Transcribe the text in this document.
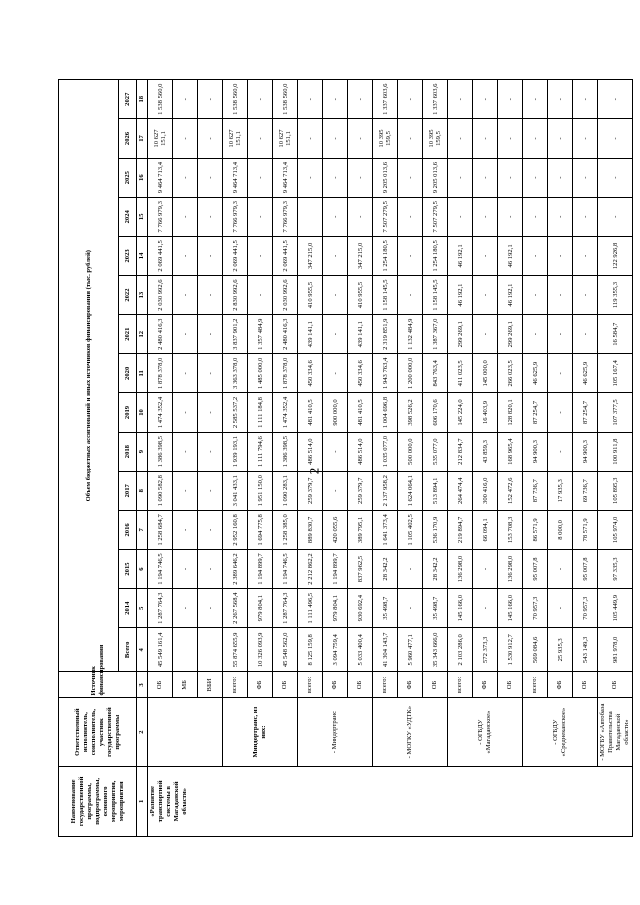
2
Наименование государственной программы, подпрограммы, основного мероприятия, мероприятия	Ответственный исполнитель, соисполнитель, участник государственной программы	Источник финансирования	Объем бюджетных ассигнований и иных источников финансирования (тыс. рублей)														
			Всего	2014	2015	2016	2017	2018	2019	2020	2021	2022	2023	2024	2025	2026	2027
1	2	3	4	5	6	7	8	9	10	11	12	13	14	15	16	17	18
«Развитие транспортной системы в Магаданской области»		ОБ	45 549 161,4	1 287 764,3	1 194 746,5	1 258 684,7	1 090 582,8	1 386 398,5	1 474 352,4	1 878 378,0	2 480 416,3	2 030 992,6	2 069 441,5	7 766 979,3	9 464 713,4	10 627 151,1	1 538 560,0
		МБ		-	-	-	-	-	-	-	-	-	-	-	-	-	-
		ВБИ		-	-	-	-	-	-	-	-	-	-	-	-	-	-
	Миндортранс, из них:	всего:	55 874 655,9	2 267 568,4	2 389 646,2	2 952 160,8	3 041 433,1	1 939 193,1	2 585 537,2	3 363 378,0	3 837 901,2	2 830 992,6	2 069 441,5	7 766 979,3	9 464 713,4	10 627 151,1	1 538 560,0
		ФБ	10 326 093,9	979 804,1	1 194 899,7	1 694 775,8	1 951 150,0	1 111 794,6	1 111 184,8	1 485 000,0	1 357 484,9	-	-	-	-	-	-
		ОБ	45 548 562,0	1 287 764,3	1 194 746,5	1 258 385,0	1 090 283,1	1 386 398,5	1 474 352,4	1 878 378,0	2 480 416,3	2 030 992,6	2 069 441,5	7 766 979,3	9 464 713,4	10 627 151,1	1 538 560,0
	- Миндортранс	всего:	8 125 159,8	1 111 496,5	2 212 862,2	889 830,7	259 379,7	486 514,0	481 410,5	450 334,6	439 141,1	410 955,5	347 215,0		-	-	-
		ФБ	3 094 759,4	979 804,1	1 194 899,7	420 055,6	-	-	900 000,0	-	-	-	-	-	-	-	-
		ОБ	5 033 400,4	930 692,4	837 962,5	389 795,1	259 379,7	486 514,0	481 410,5	450 334,6	439 141,1	410 955,5	347 215,0	-	-	-	-
	- МОГКУ «УДТК»	всего:	41 304 143,7	35 498,7	28 342,2	1 641 373,4	2 137 958,2	1 035 077,0	1 004 696,8	1 943 763,4	2 319 851,9	1 158 145,5	1 254 180,5	7 507 279,5	9 205 013,6	10 395 159,5	1 337 603,6
		ФБ	5 960 477,1	-	-	1 105 402,5	1 624 064,1	500 000,0	398 526,2	1 200 000,0	1 132 484,9	-	-	-	-	-	-
		ОБ	35 343 666,0	35 498,7	28 342,2	536 170,9	513 894,1	535 077,0	606 170,6	843 763,4	1 387 367,0	1 158 145,5	1 254 180,5	7 507 279,5	9 205 013,6	10 395 159,5	1 337 603,6
	- ОГБДУ «Магаданское»	всего:	2 103 286,0	145 166,0	136 298,0	219 894,7	264 474,4	212 834,7	145 224,0	411 023,5	299 269,1	46 192,1	46 192,1	-	-	-	-
		ФБ	572 373,3	-	-	66 094,1	300 416,0	43 859,3	16 403,9	145 000,0	-	-	-	-	-	-	-
		ОБ	1 530 912,7	145 166,0	136 298,0	153 708,3	152 472,6	168 965,4	128 820,1	266 023,5	299 269,1	46 192,1	46 192,1	-	-	-	-
	- ОГБДУ «Среднеканское»	всего:	569 084,6	70 957,3	95 007,8	86 571,9	87 736,7	94 900,3	87 254,7	46 625,9	-	-	-	-	-	-	-
		ФБ	25 935,3	-	-	8 000,0	17 935,3	-	-	-	-	-	-	-	-	-	-
		ОБ	543 149,3	70 957,3	95 007,8	78 571,9	69 736,7	94 900,3	87 254,7	46 625,9	-	-	-	-	-	-	-
	- МОГБУ «Автобаза Правительства Магаданской области»	ОБ	981 978,0	105 449,9	97 335,3	105 974,0	105 895,3	100 911,8	107 377,5	105 167,4	16 584,7	119 355,3	122 926,8	-	-	-	-
